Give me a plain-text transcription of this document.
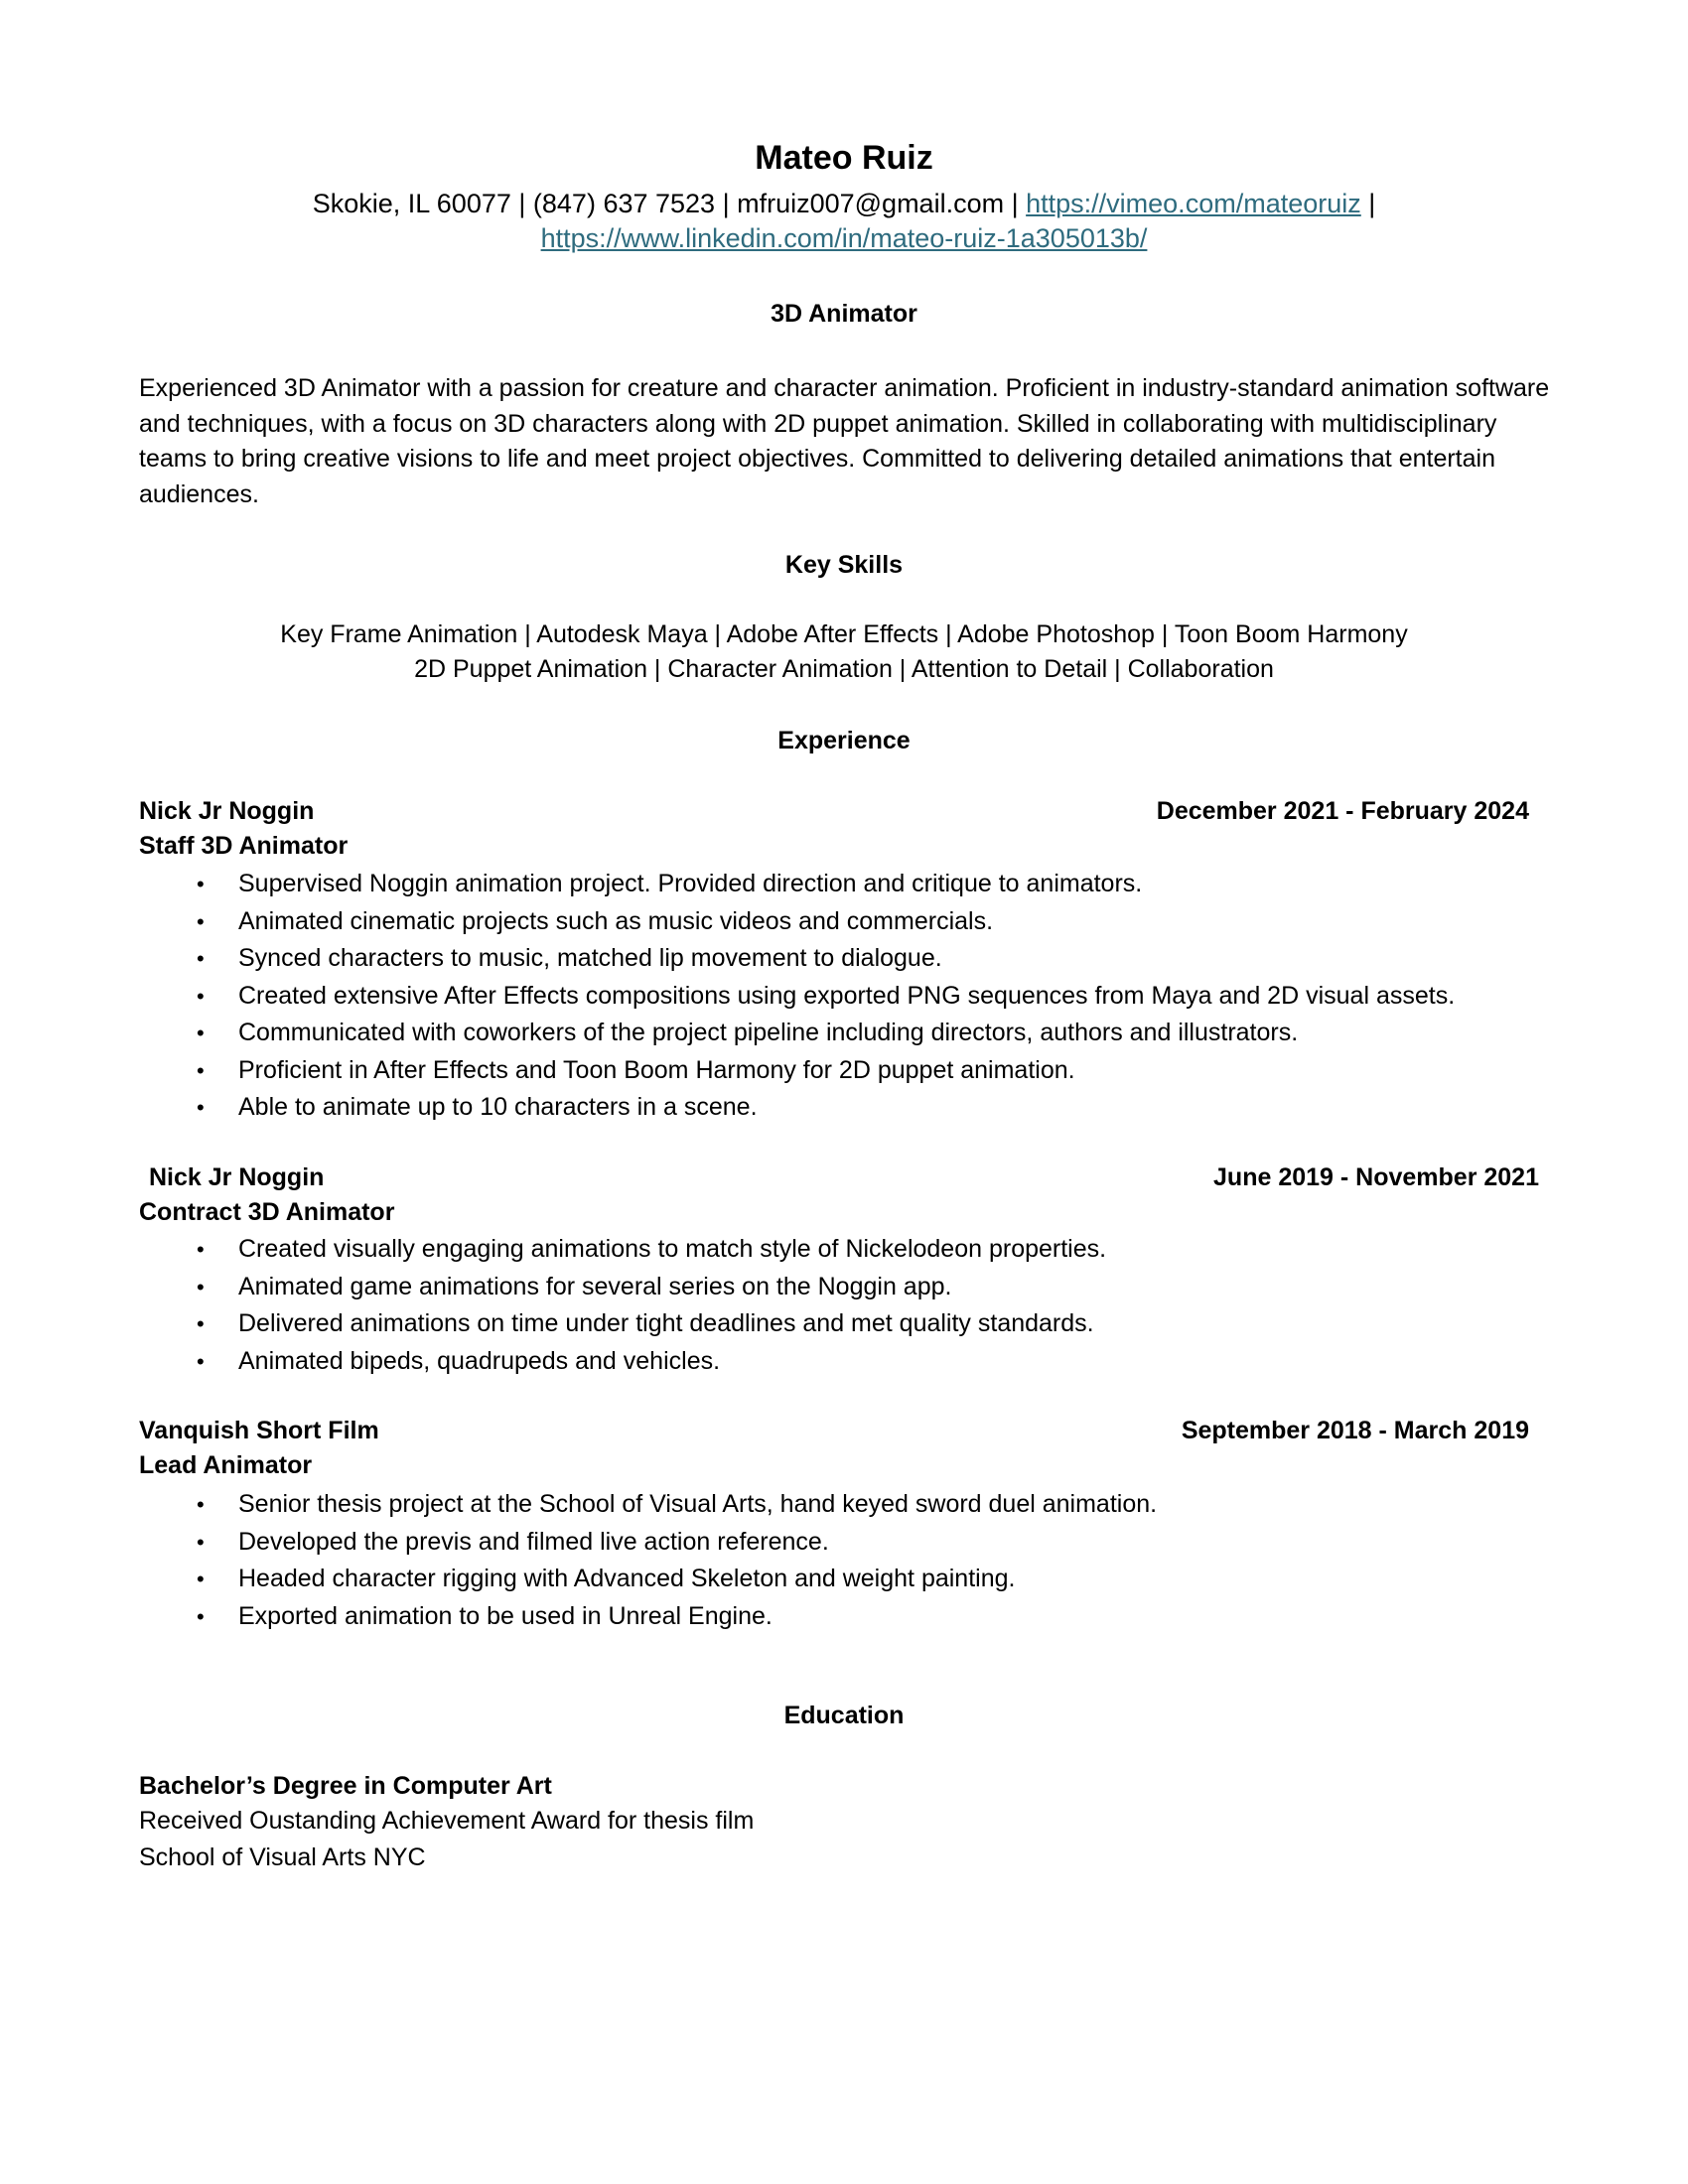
Mateo Ruiz
Skokie, IL 60077 | (847) 637 7523 | mfruiz007@gmail.com | https://vimeo.com/mateoruiz |
https://www.linkedin.com/in/mateo-ruiz-1a305013b/
3D Animator
Experienced 3D Animator with a passion for creature and character animation. Proficient in industry-standard animation software and techniques, with a focus on 3D characters along with 2D puppet animation. Skilled in collaborating with multidisciplinary teams to bring creative visions to life and meet project objectives. Committed to delivering detailed animations that entertain audiences.
Key Skills
Key Frame Animation | Autodesk Maya | Adobe After Effects | Adobe Photoshop | Toon Boom Harmony
2D Puppet Animation | Character Animation | Attention to Detail | Collaboration
Experience
Nick Jr Noggin	December 2021 - February 2024
Staff 3D Animator
• Supervised Noggin animation project. Provided direction and critique to animators.
• Animated cinematic projects such as music videos and commercials.
• Synced characters to music, matched lip movement to dialogue.
• Created extensive After Effects compositions using exported PNG sequences from Maya and 2D visual assets.
• Communicated with coworkers of the project pipeline including directors, authors and illustrators.
• Proficient in After Effects and Toon Boom Harmony for 2D puppet animation.
• Able to animate up to 10 characters in a scene.
Nick Jr Noggin	June 2019 - November 2021
Contract 3D Animator
• Created visually engaging animations to match style of Nickelodeon properties.
• Animated game animations for several series on the Noggin app.
• Delivered animations on time under tight deadlines and met quality standards.
• Animated bipeds, quadrupeds and vehicles.
Vanquish Short Film	September 2018 - March 2019
Lead Animator
• Senior thesis project at the School of Visual Arts, hand keyed sword duel animation.
• Developed the previs and filmed live action reference.
• Headed character rigging with Advanced Skeleton and weight painting.
• Exported animation to be used in Unreal Engine.
Education
Bachelor’s Degree in Computer Art
Received Oustanding Achievement Award for thesis film
School of Visual Arts NYC
